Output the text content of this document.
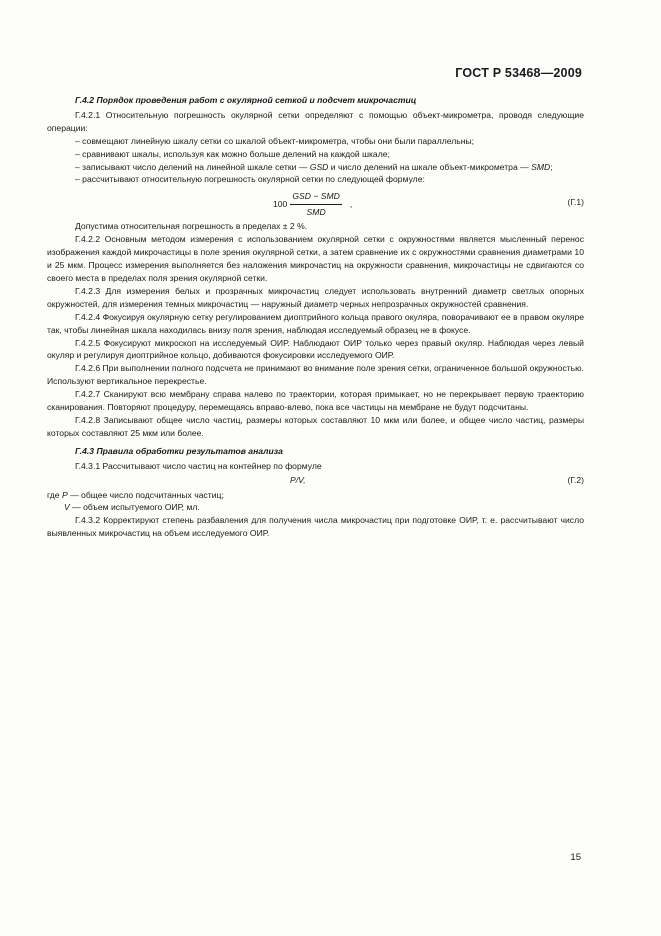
ГОСТ Р 53468—2009

Г.4.2 Порядок проведения работ с окулярной сеткой и подсчет микрочастиц

Г.4.2.1 Относительную погрешность окулярной сетки определяют с помощью объект-микрометра, проводя следующие операции:

– совмещают линейную шкалу сетки со шкалой объект-микрометра, чтобы они были параллельны;

– сравнивают шкалы, используя как можно больше делений на каждой шкале;

– записывают число делений на линейной шкале сетки — GSD и число делений на шкале объект-микрометра — SMD;

– рассчитывают относительную погрешность окулярной сетки по следующей формуле:

$100 \frac{\text{GSD − SMD}}{\text{SMD}}$ ,	(Г.1)

Допустима относительная погрешность в пределах ± 2 %.

Г.4.2.2 Основным методом измерения с использованием окулярной сетки с окружностями является мысленный перенос изображения каждой микрочастицы в поле зрения окулярной сетки, а затем сравнение их с окружностями сравнения диаметрами 10 и 25 мкм. Процесс измерения выполняется без наложения микрочастиц на окружности сравнения, микрочастицы не сдвигаются со своего места в пределах поля зрения окулярной сетки.

Г.4.2.3 Для измерения белых и прозрачных микрочастиц следует использовать внутренний диаметр светлых опорных окружностей, для измерения темных микрочастиц — наружный диаметр черных непрозрачных окружностей сравнения.

Г.4.2.4 Фокусируя окулярную сетку регулированием диоптрийного кольца правого окуляра, поворачивают ее в правом окуляре так, чтобы линейная шкала находилась внизу поля зрения, наблюдая исследуемый образец не в фокусе.

Г.4.2.5 Фокусируют микроскоп на исследуемый ОИР. Наблюдают ОИР только через правый окуляр. Наблюдая через левый окуляр и регулируя диоптрийное кольцо, добиваются фокусировки исследуемого ОИР.

Г.4.2.6 При выполнении полного подсчета не принимают во внимание поле зрения сетки, ограниченное большой окружностью. Используют вертикальное перекрестье.

Г.4.2.7 Сканируют всю мембрану справа налево по траектории, которая примыкает, но не перекрывает первую траекторию сканирования. Повторяют процедуру, перемещаясь вправо-влево, пока все частицы на мембране не будут подсчитаны.

Г.4.2.8 Записывают общее число частиц, размеры которых составляют 10 мкм или более, и общее число частиц, размеры которых составляют 25 мкм или более.

Г.4.3 Правила обработки результатов анализа

Г.4.3.1 Рассчитывают число частиц на контейнер по формуле

P/V,	(Г.2)

где P — общее число подсчитанных частиц;

V — объем испытуемого ОИР, мл.

Г.4.3.2 Корректируют степень разбавления для получения числа микрочастиц при подготовке ОИР, т. е. рассчитывают число выявленных микрочастиц на объем исследуемого ОИР.

15
